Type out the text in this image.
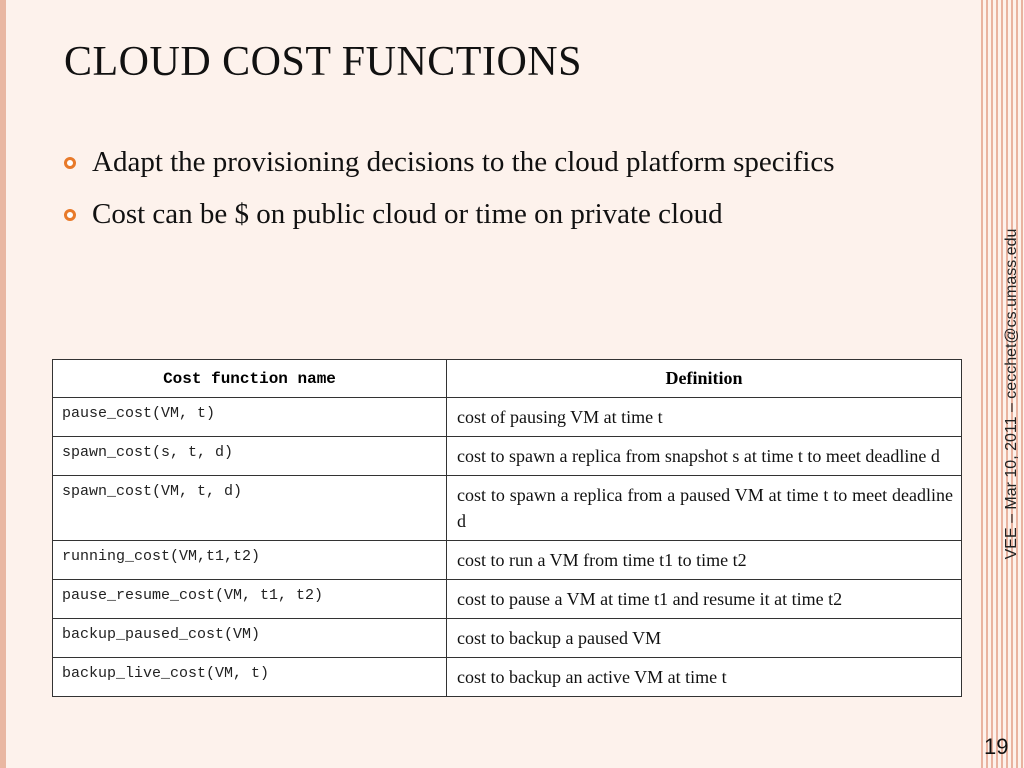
CLOUD COST FUNCTIONS
Adapt the provisioning decisions to the cloud platform specifics
Cost can be $ on public cloud or time on private cloud
Cost function name	Definition
pause_cost(VM, t)	cost of pausing VM at time t
spawn_cost(s, t, d)	cost to spawn a replica from snapshot s at time t to meet deadline d
spawn_cost(VM, t, d)	cost to spawn a replica from a paused VM at time t to meet deadline d
running_cost(VM,t1,t2)	cost to run a VM from time t1 to time t2
pause_resume_cost(VM, t1, t2)	cost to pause a VM at time t1 and resume it at time t2
backup_paused_cost(VM)	cost to backup a paused VM
backup_live_cost(VM, t)	cost to backup an active VM at time t
VEE – Mar 10, 2011 – cecchet@cs.umass.edu
19
